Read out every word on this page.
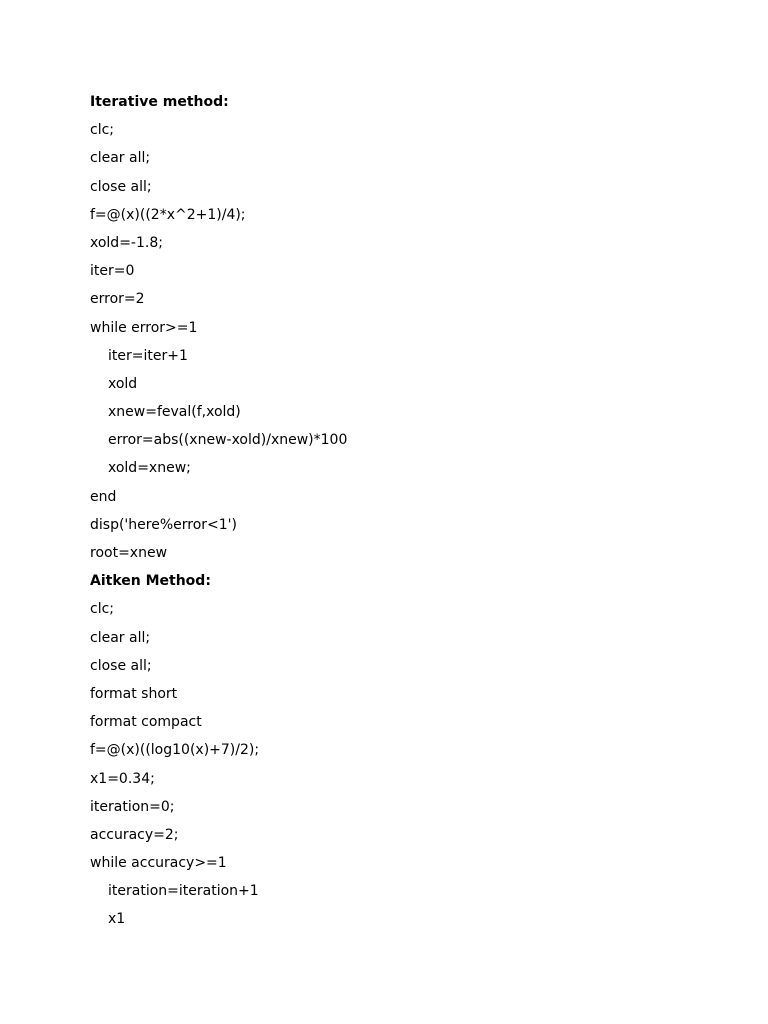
Iterative method:
clc;
clear all;
close all;
f=@(x)((2*x^2+1)/4);
xold=-1.8;
iter=0
error=2
while error>=1
iter=iter+1
xold
xnew=feval(f,xold)
error=abs((xnew-xold)/xnew)*100
xold=xnew;
end
disp('here%error<1')
root=xnew
Aitken Method:
clc;
clear all;
close all;
format short
format compact
f=@(x)((log10(x)+7)/2);
x1=0.34;
iteration=0;
accuracy=2;
while accuracy>=1
iteration=iteration+1
x1
